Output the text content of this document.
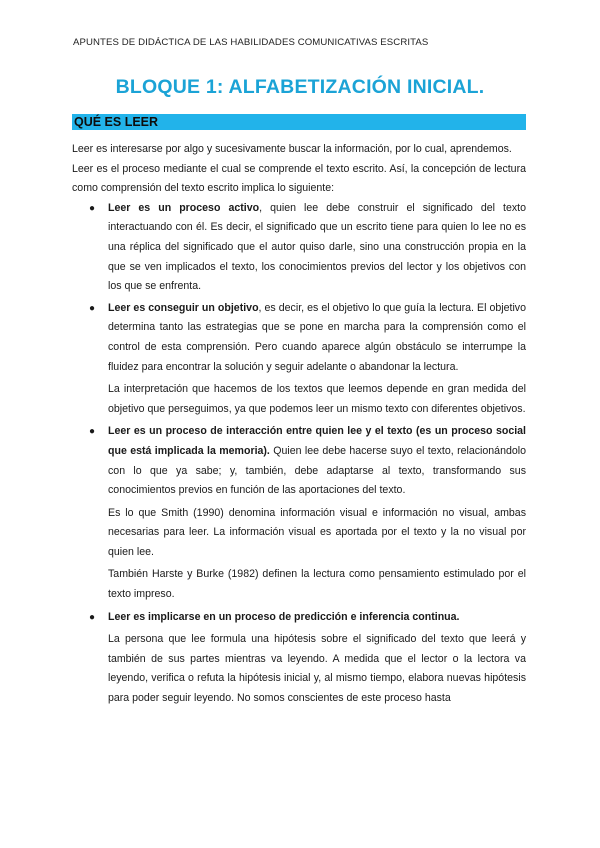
APUNTES DE DIDÁCTICA DE LAS HABILIDADES COMUNICATIVAS ESCRITAS
BLOQUE 1: ALFABETIZACIÓN INICIAL.
QUÉ ES LEER

Leer es interesarse por algo y sucesivamente buscar la información, por lo cual, aprendemos.

Leer es el proceso mediante el cual se comprende el texto escrito. Así, la concepción de lectura como comprensión del texto escrito implica lo siguiente:

● Leer es un proceso activo, quien lee debe construir el significado del texto interactuando con él. Es decir, el significado que un escrito tiene para quien lo lee no es una réplica del significado que el autor quiso darle, sino una construcción propia en la que se ven implicados el texto, los conocimientos previos del lector y los objetivos con los que se enfrenta.

● Leer es conseguir un objetivo, es decir, es el objetivo lo que guía la lectura. El objetivo determina tanto las estrategias que se pone en marcha para la comprensión como el control de esta comprensión. Pero cuando aparece algún obstáculo se interrumpe la fluidez para encontrar la solución y seguir adelante o abandonar la lectura.

La interpretación que hacemos de los textos que leemos depende en gran medida del objetivo que perseguimos, ya que podemos leer un mismo texto con diferentes objetivos.

● Leer es un proceso de interacción entre quien lee y el texto (es un proceso social que está implicada la memoria). Quien lee debe hacerse suyo el texto, relacionándolo con lo que ya sabe; y, también, debe adaptarse al texto, transformando sus conocimientos previos en función de las aportaciones del texto.

Es lo que Smith (1990) denomina información visual e información no visual, ambas necesarias para leer. La información visual es aportada por el texto y la no visual por quien lee.

También Harste y Burke (1982) definen la lectura como pensamiento estimulado por el texto impreso.

● Leer es implicarse en un proceso de predicción e inferencia continua.

La persona que lee formula una hipótesis sobre el significado del texto que leerá y también de sus partes mientras va leyendo. A medida que el lector o la lectora va leyendo, verifica o refuta la hipótesis inicial y, al mismo tiempo, elabora nuevas hipótesis para poder seguir leyendo. No somos conscientes de este proceso hasta
